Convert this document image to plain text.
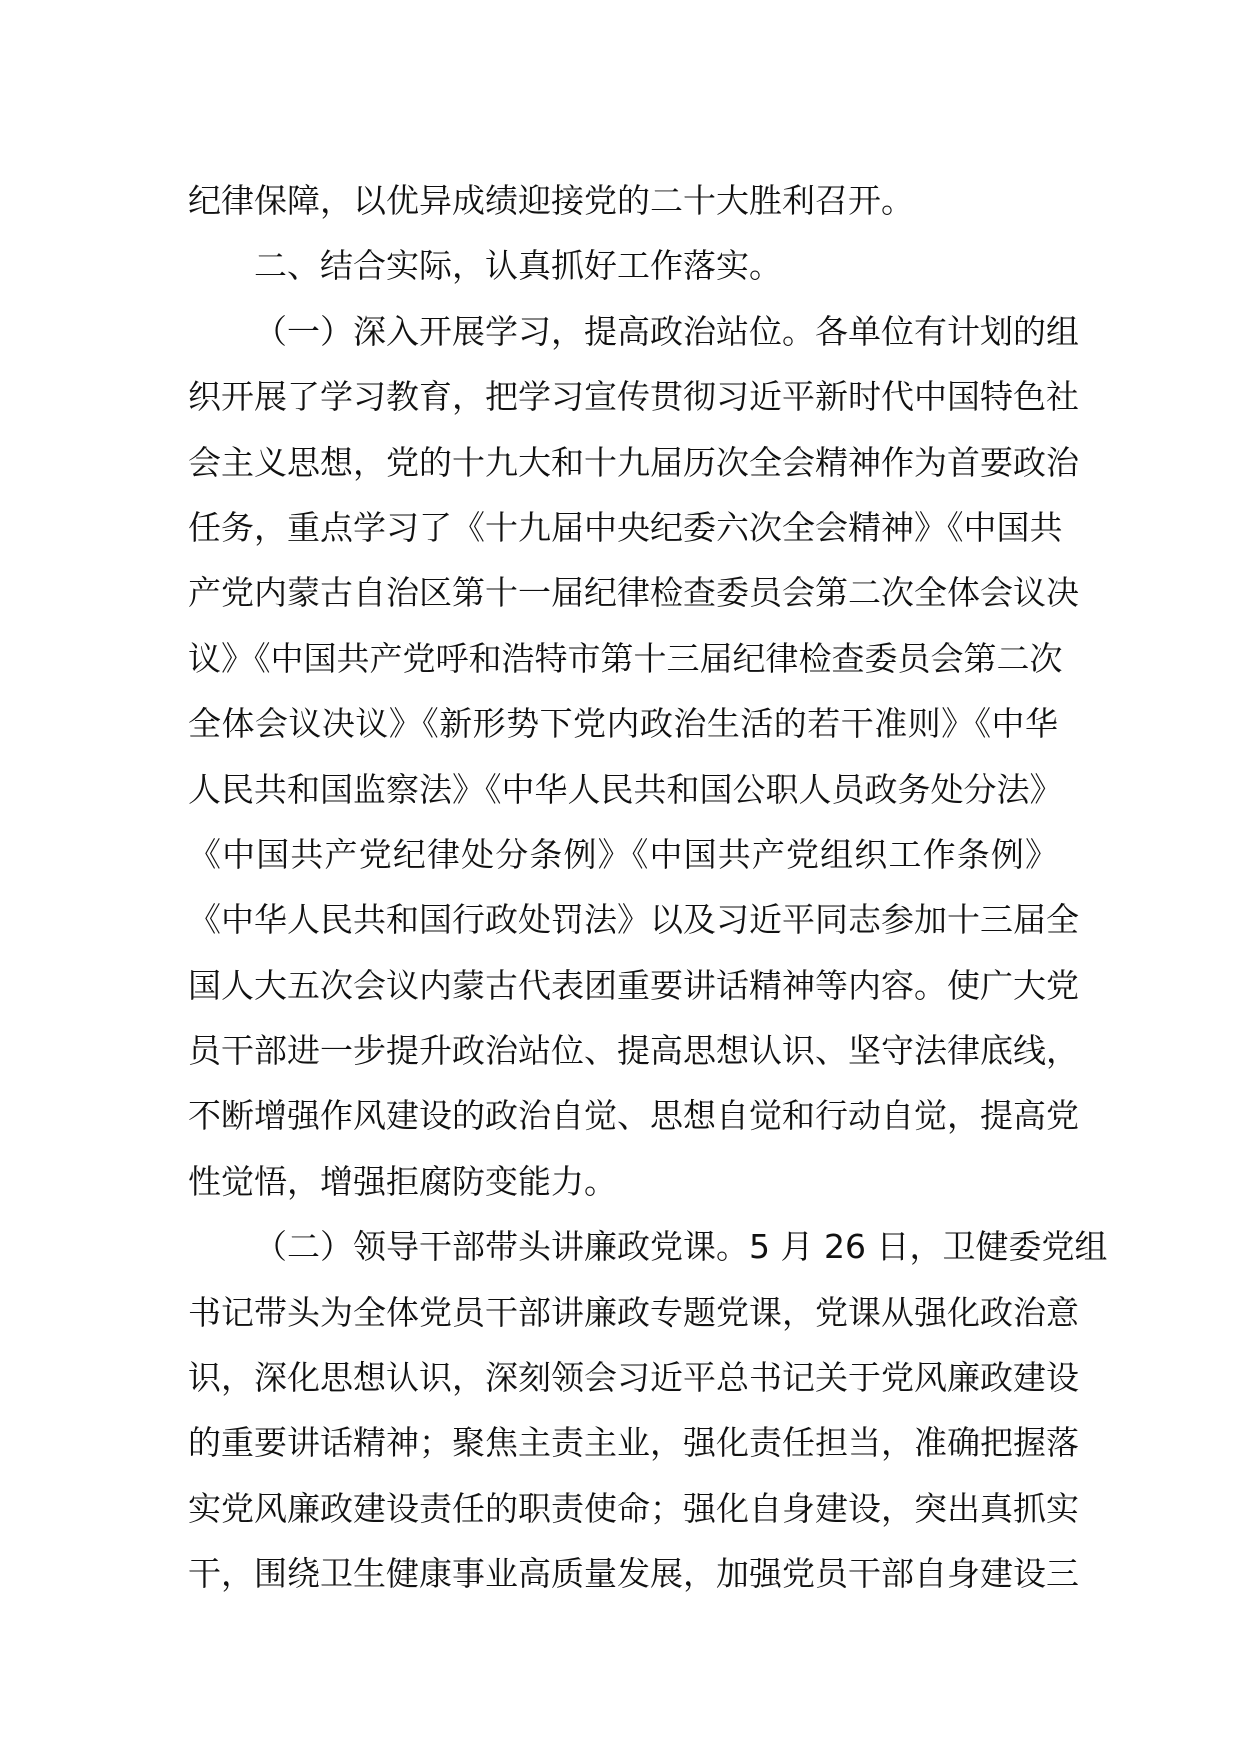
纪律保障，以优异成绩迎接党的二十大胜利召开。
二、结合实际，认真抓好工作落实。
（一）深入开展学习，提高政治站位。各单位有计划的组
织开展了学习教育，把学习宣传贯彻习近平新时代中国特色社
会主义思想，党的十九大和十九届历次全会精神作为首要政治
任务，重点学习了《十九届中央纪委六次全会精神》《中国共
产党内蒙古自治区第十一届纪律检查委员会第二次全体会议决
议》《中国共产党呼和浩特市第十三届纪律检查委员会第二次
全体会议决议》《新形势下党内政治生活的若干准则》《中华
人民共和国监察法》《中华人民共和国公职人员政务处分法》
《中国共产党纪律处分条例》《中国共产党组织工作条例》
《中华人民共和国行政处罚法》以及习近平同志参加十三届全
国人大五次会议内蒙古代表团重要讲话精神等内容。使广大党
员干部进一步提升政治站位、提高思想认识、坚守法律底线，
不断增强作风建设的政治自觉、思想自觉和行动自觉，提高党
性觉悟，增强拒腐防变能力。
（二）领导干部带头讲廉政党课。5 月 26 日，卫健委党组
书记带头为全体党员干部讲廉政专题党课，党课从强化政治意
识，深化思想认识，深刻领会习近平总书记关于党风廉政建设
的重要讲话精神；聚焦主责主业，强化责任担当，准确把握落
实党风廉政建设责任的职责使命；强化自身建设，突出真抓实
干，围绕卫生健康事业高质量发展，加强党员干部自身建设三
